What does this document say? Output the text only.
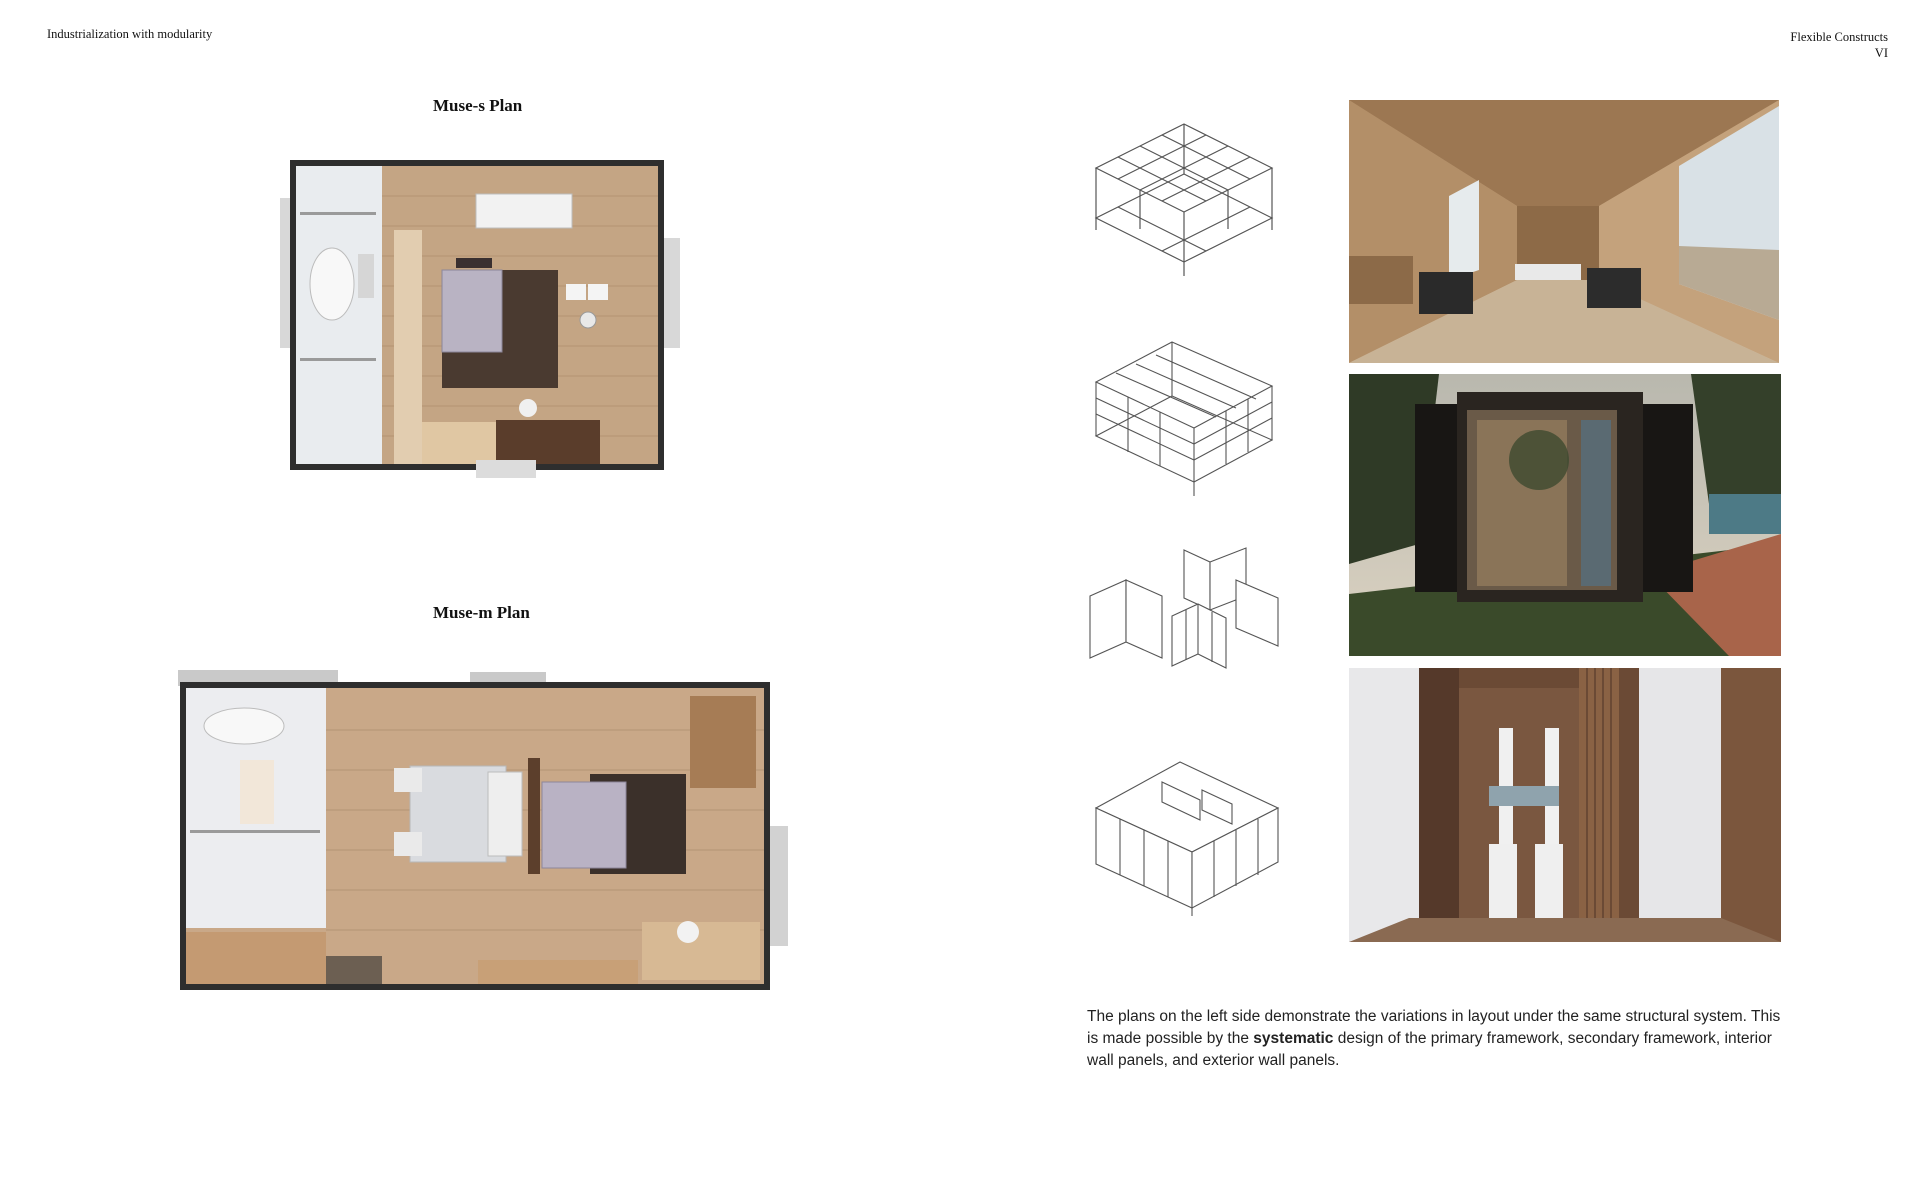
Industrialization with modularity	Flexible Constructs
VI
Muse-s Plan
Muse-m Plan

The plans on the left side demonstrate the variations in layout under the same structural system. This is made possible by the systematic design of the primary framework, secondary framework, interior wall panels, and exterior wall panels.
